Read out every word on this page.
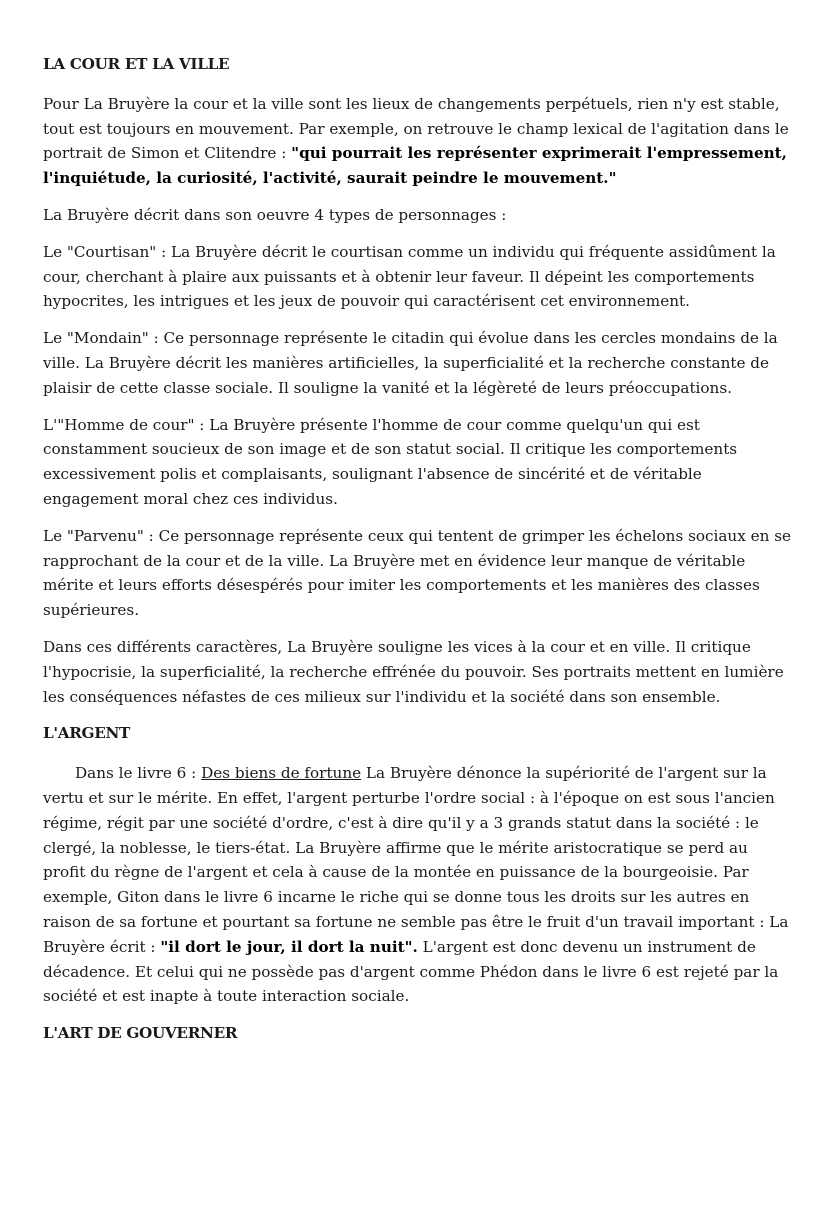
LA COUR ET LA VILLE

Pour La Bruyère la cour et la ville sont les lieux de changements perpétuels, rien n'y est stable, tout est toujours en mouvement. Par exemple, on retrouve le champ lexical de l'agitation dans le portrait de Simon et Clitendre : "qui pourrait les représenter exprimerait l'empressement, l'inquiétude, la curiosité, l'activité, saurait peindre le mouvement."

La Bruyère décrit dans son oeuvre 4 types de personnages :

Le "Courtisan" : La Bruyère décrit le courtisan comme un individu qui fréquente assidûment la cour, cherchant à plaire aux puissants et à obtenir leur faveur. Il dépeint les comportements hypocrites, les intrigues et les jeux de pouvoir qui caractérisent cet environnement.

Le "Mondain" : Ce personnage représente le citadin qui évolue dans les cercles mondains de la ville. La Bruyère décrit les manières artificielles, la superficialité et la recherche constante de plaisir de cette classe sociale. Il souligne la vanité et la légèreté de leurs préoccupations.

L'"Homme de cour" : La Bruyère présente l'homme de cour comme quelqu'un qui est constamment soucieux de son image et de son statut social. Il critique les comportements excessivement polis et complaisants, soulignant l'absence de sincérité et de véritable engagement moral chez ces individus.

Le "Parvenu" : Ce personnage représente ceux qui tentent de grimper les échelons sociaux en se rapprochant de la cour et de la ville. La Bruyère met en évidence leur manque de véritable mérite et leurs efforts désespérés pour imiter les comportements et les manières des classes supérieures.

Dans ces différents caractères, La Bruyère souligne les vices à la cour et en ville. Il critique l'hypocrisie, la superficialité, la recherche effrénée du pouvoir. Ses portraits mettent en lumière les conséquences néfastes de ces milieux sur l'individu et la société dans son ensemble.

L'ARGENT

Dans le livre 6 : Des biens de fortune La Bruyère dénonce la supériorité de l'argent sur la vertu et sur le mérite. En effet, l'argent perturbe l'ordre social : à l'époque on est sous l'ancien régime, régit par une société d'ordre, c'est à dire qu'il y a 3 grands statut dans la société : le clergé, la noblesse, le tiers-état. La Bruyère affirme que le mérite aristocratique se perd au profit du règne de l'argent et cela à cause de la montée en puissance de la bourgeoisie. Par exemple, Giton dans le livre 6 incarne le riche qui se donne tous les droits sur les autres en raison de sa fortune et pourtant sa fortune ne semble pas être le fruit d'un travail important : La Bruyère écrit : "il dort le jour, il dort la nuit". L'argent est donc devenu un instrument de décadence. Et celui qui ne possède pas d'argent comme Phédon dans le livre 6 est rejeté par la société et est inapte à toute interaction sociale.

L'ART DE GOUVERNER
